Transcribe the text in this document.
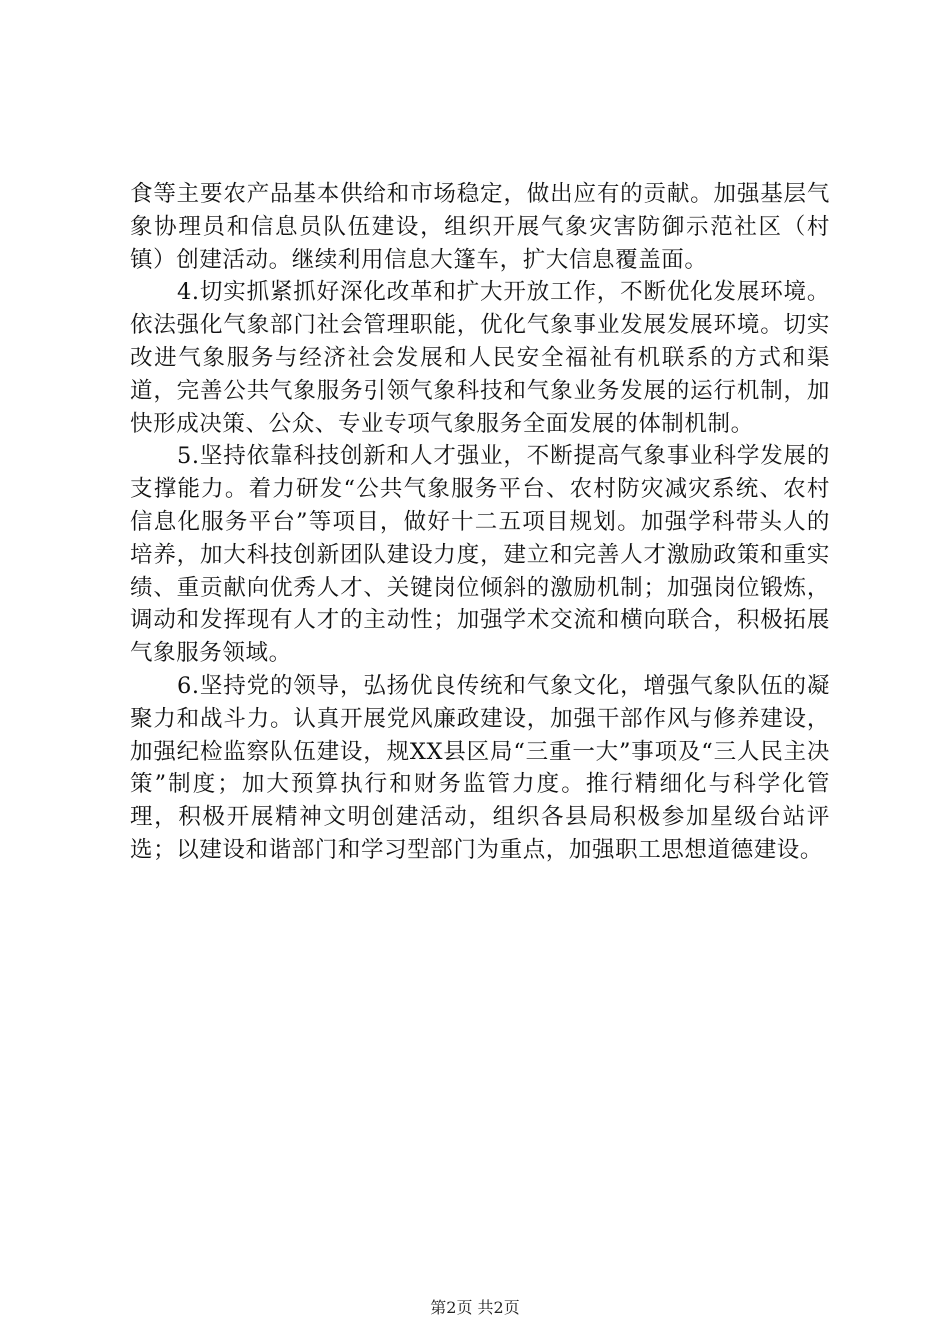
食等主要农产品基本供给和市场稳定，做出应有的贡献。加强基层气象协理员和信息员队伍建设，组织开展气象灾害防御示范社区（村镇）创建活动。继续利用信息大篷车，扩大信息覆盖面。

4.切实抓紧抓好深化改革和扩大开放工作，不断优化发展环境。依法强化气象部门社会管理职能，优化气象事业发展发展环境。切实改进气象服务与经济社会发展和人民安全福祉有机联系的方式和渠道，完善公共气象服务引领气象科技和气象业务发展的运行机制，加快形成决策、公众、专业专项气象服务全面发展的体制机制。

5.坚持依靠科技创新和人才强业，不断提高气象事业科学发展的支撑能力。着力研发“公共气象服务平台、农村防灾减灾系统、农村信息化服务平台”等项目，做好十二五项目规划。加强学科带头人的培养，加大科技创新团队建设力度，建立和完善人才激励政策和重实绩、重贡献向优秀人才、关键岗位倾斜的激励机制；加强岗位锻炼，调动和发挥现有人才的主动性；加强学术交流和横向联合，积极拓展气象服务领域。

6.坚持党的领导，弘扬优良传统和气象文化，增强气象队伍的凝聚力和战斗力。认真开展党风廉政建设，加强干部作风与修养建设，加强纪检监察队伍建设，规XX县区局“三重一大”事项及“三人民主决策”制度；加大预算执行和财务监管力度。推行精细化与科学化管理，积极开展精神文明创建活动，组织各县局积极参加星级台站评选；以建设和谐部门和学习型部门为重点，加强职工思想道德建设。

第2页 共2页
